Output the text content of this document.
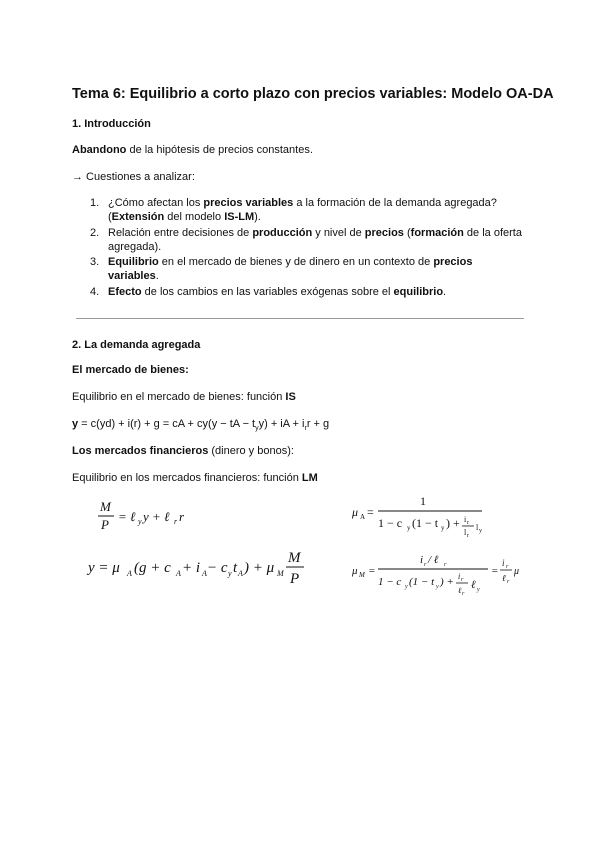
Tema 6: Equilibrio a corto plazo con precios variables: Modelo OA-DA
1. Introducción
Abandono de la hipótesis de precios constantes.
→ Cuestiones a analizar:
1. ¿Cómo afectan los precios variables a la formación de la demanda agregada?
(Extensión del modelo IS-LM).
2. Relación entre decisiones de producción y nivel de precios (formación de la oferta
agregada).
3. Equilibrio en el mercado de bienes y de dinero en un contexto de precios
variables.
4. Efecto de los cambios en las variables exógenas sobre el equilibrio.
2. La demanda agregada
El mercado de bienes:
Equilibrio en el mercado de bienes: función IS
y = c(yd) + i(r) + g = cA + cy(y − tA − $t_yy$) + iA + $i_rr + g$
Los mercados financieros (dinero y bonos):
Equilibrio en los mercados financieros: función LM
M
P
= ℓ y y + ℓ r r	μ A =
1
1 − c y (1 − t y ) + i r
l r
l y
y = μ A (g + c A + i A − c y t A ) + μ M
M
P	μ M =
i r / ℓ r
1 − c y (1 − t y ) + i r
ℓ r
ℓ y
=
i r
ℓ r
μ
